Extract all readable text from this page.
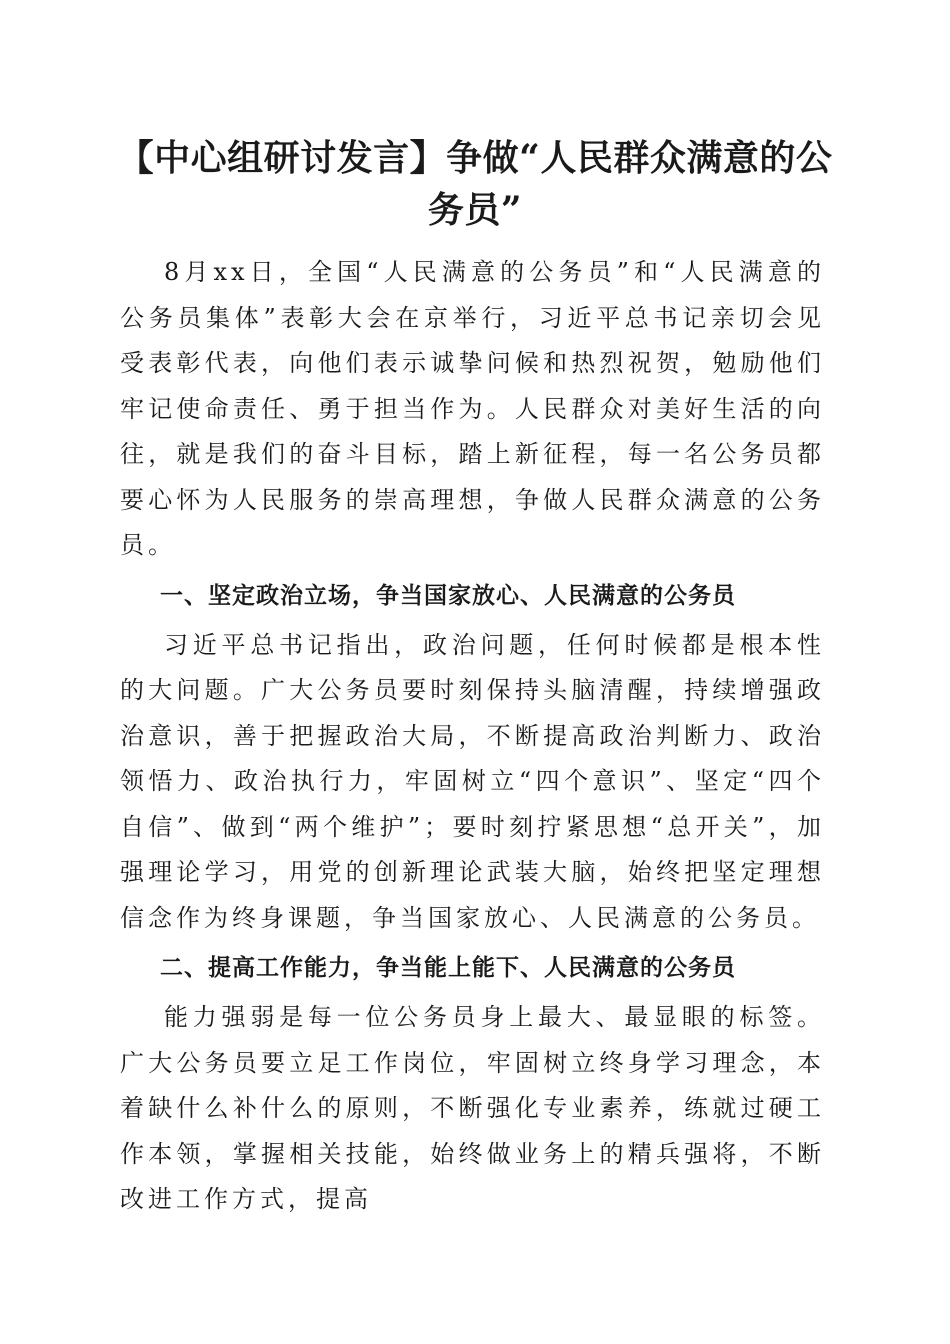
【中心组研讨发言】争做“人民群众满意的公务员”

8月xx日，全国“人民满意的公务员”和“人民满意的公务员集体”表彰大会在京举行，习近平总书记亲切会见受表彰代表，向他们表示诚挚问候和热烈祝贺，勉励他们牢记使命责任、勇于担当作为。人民群众对美好生活的向往，就是我们的奋斗目标，踏上新征程，每一名公务员都要心怀为人民服务的崇高理想，争做人民群众满意的公务员。

一、坚定政治立场，争当国家放心、人民满意的公务员

习近平总书记指出，政治问题，任何时候都是根本性的大问题。广大公务员要时刻保持头脑清醒，持续增强政治意识，善于把握政治大局，不断提高政治判断力、政治领悟力、政治执行力，牢固树立“四个意识”、坚定“四个自信”、做到“两个维护”；要时刻拧紧思想“总开关”，加强理论学习，用党的创新理论武装大脑，始终把坚定理想信念作为终身课题，争当国家放心、人民满意的公务员。

二、提高工作能力，争当能上能下、人民满意的公务员

能力强弱是每一位公务员身上最大、最显眼的标签。广大公务员要立足工作岗位，牢固树立终身学习理念，本着缺什么补什么的原则，不断强化专业素养，练就过硬工作本领，掌握相关技能，始终做业务上的精兵强将，不断改进工作方式，提高
